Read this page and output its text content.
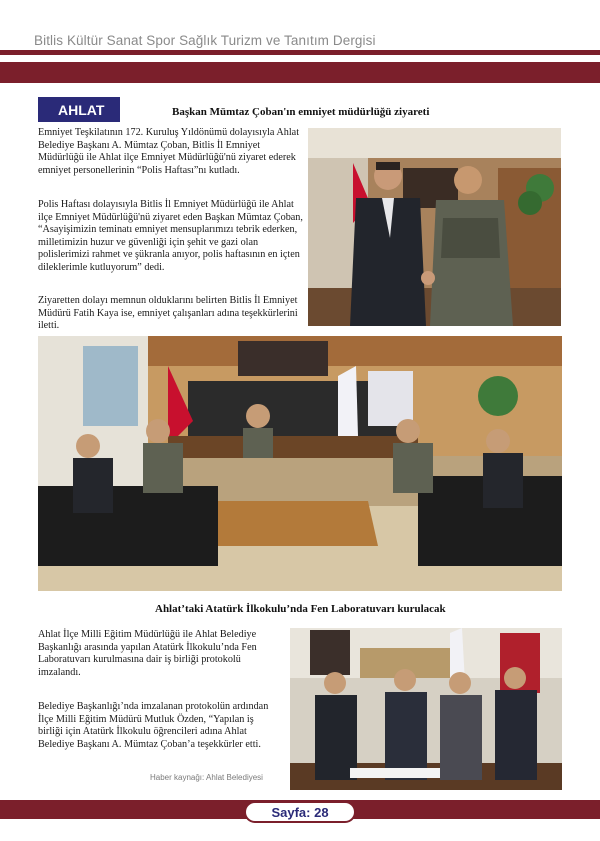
Bitlis Kültür Sanat Spor Sağlık Turizm ve Tanıtım Dergisi
AHLAT	Başkan Mümtaz Çoban'ın emniyet müdürlüğü ziyareti

Emniyet Teşkilatının 172. Kuruluş Yıldönümü dolayısıyla Ahlat Belediye Başkanı A. Mümtaz Çoban, Bitlis İl Emniyet Müdürlüğü ile Ahlat ilçe Emniyet Müdürlüğü'nü ziyaret ederek emniyet personellerinin “Polis Haftası”nı kutladı.

Polis Haftası dolayısıyla Bitlis İl Emniyet Müdürlüğü ile Ahlat ilçe Emniyet Müdürlüğü'nü ziyaret eden Başkan Mümtaz Çoban, “Asayişimizin teminatı emniyet mensuplarımızı tebrik ederken, milletimizin huzur ve güvenliği için şehit ve gazi olan polislerimizi rahmet ve şükranla anıyor, polis haftasının en içten dileklerimle kutluyorum” dedi.

Ziyaretten dolayı memnun olduklarını belirten Bitlis İl Emniyet Müdürü Fatih Kaya ise, emniyet çalışanları adına teşekkürlerini iletti.

Ahlat’taki Atatürk İlkokulu’nda Fen Laboratuvarı kurulacak

Ahlat İlçe Milli Eğitim Müdürlüğü ile Ahlat Belediye Başkanlığı arasında yapılan Atatürk İlkokulu’nda Fen Laboratuvarı kurulmasına dair iş birliği protokolü imzalandı.

Belediye Başkanlığı’nda imzalanan protokolün ardından İlçe Milli Eğitim Müdürü Mutluk Özden, “Yapılan iş birliği için Atatürk İlkokulu öğrencileri adına Ahlat Belediye Başkanı A. Mümtaz Çoban’a teşekkürler etti.

Haber kaynağı: Ahlat Belediyesi
Sayfa: 28
